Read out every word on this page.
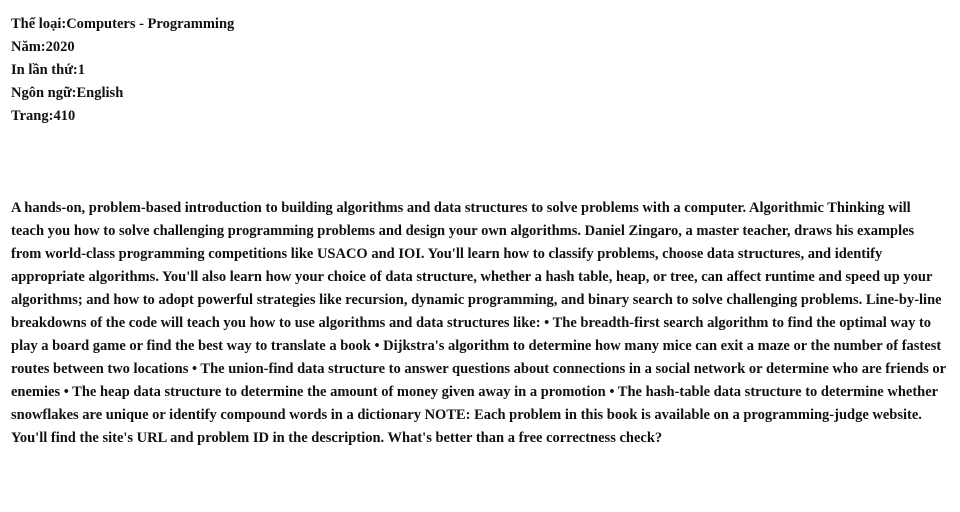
Thể loại:Computers - Programming
Năm:2020
In lần thứ:1
Ngôn ngữ:English
Trang:410

A hands-on, problem-based introduction to building algorithms and data structures to solve problems with a computer. Algorithmic Thinking will teach you how to solve challenging programming problems and design your own algorithms. Daniel Zingaro, a master teacher, draws his examples from world-class programming competitions like USACO and IOI. You'll learn how to classify problems, choose data structures, and identify appropriate algorithms. You'll also learn how your choice of data structure, whether a hash table, heap, or tree, can affect runtime and speed up your algorithms; and how to adopt powerful strategies like recursion, dynamic programming, and binary search to solve challenging problems. Line-by-line breakdowns of the code will teach you how to use algorithms and data structures like: • The breadth-first search algorithm to find the optimal way to play a board game or find the best way to translate a book • Dijkstra's algorithm to determine how many mice can exit a maze or the number of fastest routes between two locations • The union-find data structure to answer questions about connections in a social network or determine who are friends or enemies • The heap data structure to determine the amount of money given away in a promotion • The hash-table data structure to determine whether snowflakes are unique or identify compound words in a dictionary NOTE: Each problem in this book is available on a programming-judge website. You'll find the site's URL and problem ID in the description. What's better than a free correctness check?
